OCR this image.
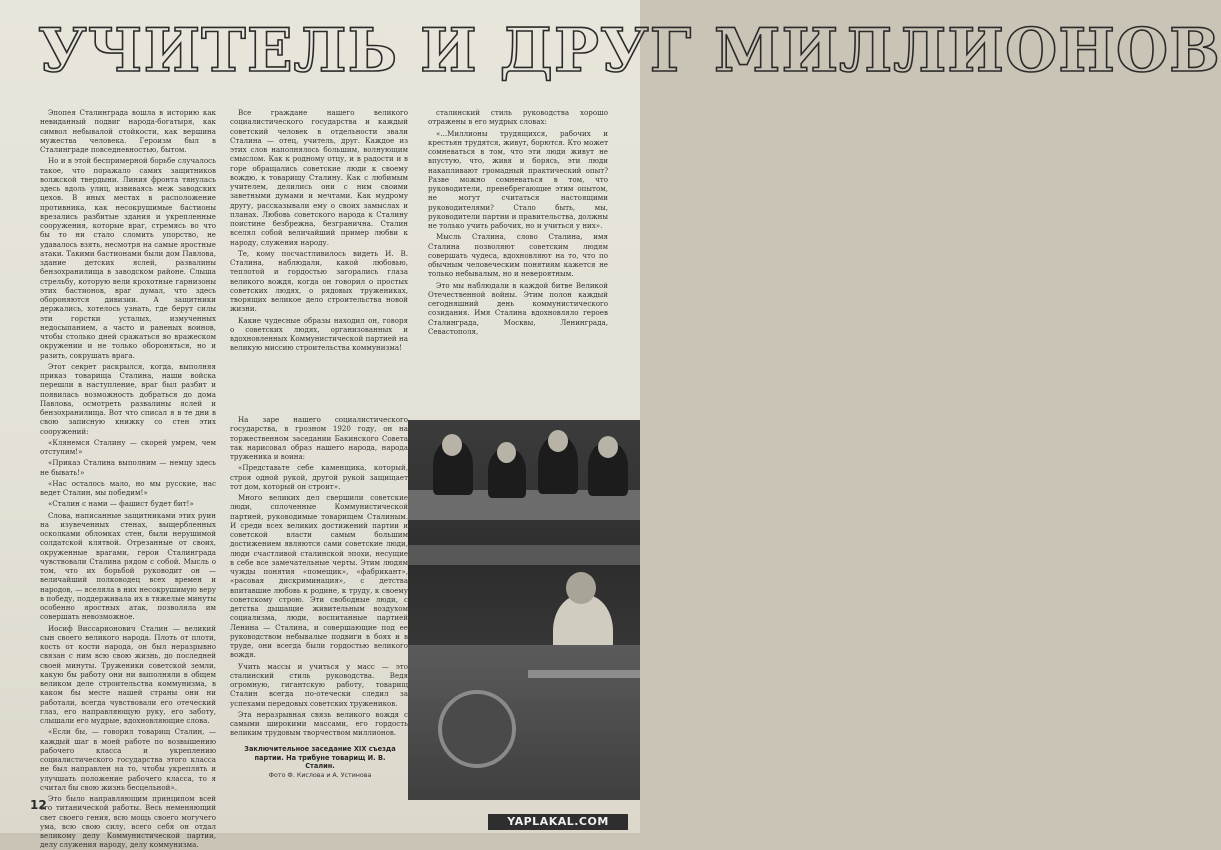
УЧИТЕЛЬ И ДРУГ МИЛЛИОНОВ

Эпопея Сталинграда вошла в историю как невиданный подвиг народа-богатыря, как символ небывалой стойкости, как вершина мужества человека. Героизм был в Сталинграде повседневностью, бытом.

Но и в этой беспримерной борьбе случалось такое, что поражало самих защитников волжской твердыни. Линия фронта тянулась здесь вдоль улиц, извиваясь меж заводских цехов. В иных местах в расположение противника, как несокрушимые бастионы врезались разбитые здания и укрепленные сооружения, которые враг, стремясь во что бы то ни стало сломить упорство, не удавалось взять, несмотря на самые яростные атаки. Такими бастионами были дом Павлова, здание детских яслей, развалины бензохранилища в заводском районе. Слыша стрельбу, которую вели крохотные гарнизоны этих бастионов, враг думал, что здесь обороняются дивизии. А защитники держались, хотелось узнать, где берут силы эти горстки усталых, измученных недосыпанием, а часто и раненых воинов, чтобы столько дней сражаться во вражеском окружении и не только обороняться, но и разить, сокрушать врага.

Этот секрет раскрылся, когда, выполняя приказ товарища Сталина, наши войска перешли в наступление, враг был разбит и появилась возможность добраться до дома Павлова, осмотреть развалины яслей и бензохранилища. Вот что списал я в те дни в свою записную книжку со стен этих сооружений:

«Клянемся Сталину — скорей умрем, чем отступим!»

«Приказ Сталина выполним — немцу здесь не бывать!»

«Нас осталось мало, но мы русские, нас ведет Сталин, мы победим!»

«Сталин с нами — фашист будет бит!»

Слова, написанные защитниками этих руин на изувеченных стенах, выщербленных осколками обломках стен, были нерушимой солдатской клятвой. Отрезанные от своих, окруженные врагами, герои Сталинграда чувствовали Сталина рядом с собой. Мысль о том, что их борьбой руководит он — величайший полководец всех времен и народов, — вселяла в них несокрушимую веру в победу, поддерживала их в тяжелые минуты особенно яростных атак, позволяла им совершать невозможное.

Иосиф Виссарионович Сталин — великий сын своего великого народа. Плоть от плоти, кость от кости народа, он был неразрывно связан с ним всю свою жизнь, до последней своей минуты. Труженики советской земли, какую бы работу они ни выполняли в общем великом деле строительства коммунизма, в каком бы месте нашей страны они ни работали, всегда чувствовали его отеческий глаз, его направляющую руку, его заботу, слышали его мудрые, вдохновляющие слова.

«Если бы, — говорил товарищ Сталин, — каждый шаг в моей работе по возвышению рабочего класса и укреплению социалистического государства этого класса не был направлен на то, чтобы укреплять и улучшать положение рабочего класса, то я считал бы свою жизнь бесцельной».

Это было направляющим принципом всей его титанической работы. Весь неменяющий свет своего гения, всю мощь своего могучего ума, всю свою силу, всего себя он отдал великому делу Коммунистической партии, делу служения народу, делу коммунизма.

Все граждане нашего великого социалистического государства и каждый советский человек в отдельности звали Сталина — отец, учитель, друг. Каждое из этих слов наполнялось большим, волнующим смыслом. Как к родному отцу, и в радости и в горе обращались советские люди к своему вождю, к товарищу Сталину. Как с любимым учителем, делились они с ним своими заветными думами и мечтами. Как мудрому другу, рассказывали ему о своих замыслах и планах. Любовь советского народа к Сталину поистине безбрежна, безгранична. Сталин вселял собой величайший пример любви к народу, служения народу.

Те, кому посчастливилось видеть И. В. Сталина, наблюдали, какой любовью, теплотой и гордостью загорались глаза великого вождя, когда он говорил о простых советских людях, о рядовых тружениках, творящих великое дело строительства новой жизни.

Какие чудесные образы находил он, говоря о советских людях, организованных и вдохновленных Коммунистической партией на великую миссию строительства коммунизма!

На заре нашего социалистического государства, в грозном 1920 году, он на торжественном заседании Бакинского Совета так нарисовал образ нашего народа, народа труженика и воина:

«Представьте себе каменщика, который, строя одной рукой, другой рукой защищает тот дом, который он строит».

Много великих дел свершили советские люди, сплоченные Коммунистической партией, руководимые товарищем Сталиным. И среди всех великих достижений партии и советской власти самым большим достижением являются сами советские люди, люди счастливой сталинской эпохи, несущие в себе все замечательные черты. Этим людям чужды понятия «помещик», «фабрикант», «расовая дискриминация», с детства впитавшие любовь к родине, к труду, к своему советскому строю. Эти свободные люди, с детства дышащие живительным воздухом социализма, люди, воспитанные партией Ленина — Сталина, и совершающие под ее руководством небывалые подвиги в боях и в труде, они всегда были гордостью великого вождя.

Учить массы и учиться у масс — это сталинский стиль руководства. Ведя огромную, гигантскую работу, товарищ Сталин всегда по-отечески следил за успехами передовых советских тружеников.

Эта неразрывная связь великого вождя с самыми широкими массами, его гордость великим трудовым творчеством миллионов.

сталинский стиль руководства хорошо отражены в его мудрых словах:

«...Миллионы трудящихся, рабочих и крестьян трудятся, живут, борются. Кто может сомневаться в том, что эти люди живут не впустую, что, живя и борясь, эти люди накапливают громадный практический опыт? Разве можно сомневаться в том, что руководители, пренебрегающие этим опытом, не могут считаться настоящими руководителями? Стало быть, мы, руководители партии и правительства, должны не только учить рабочих, но и учиться у них».

Мысль Сталина, слово Сталина, имя Сталина позволяют советским людям совершать чудеса, вдохновляют на то, что по обычным человеческим понятиям кажется не только небывалым, но и невероятным.

Это мы наблюдали в каждой битве Великой Отечественной войны. Этим полон каждый сегодняшний день коммунистического созидания. Имя Сталина вдохновляло героев Сталинграда, Москвы, Ленинграда, Севастополя,

Заключительное заседание XIX съезда партии. На трибуне товарищ И. В. Сталин.
Фото Ф. Кислова и А. Устинова
12
YAPLAKAL.COM
